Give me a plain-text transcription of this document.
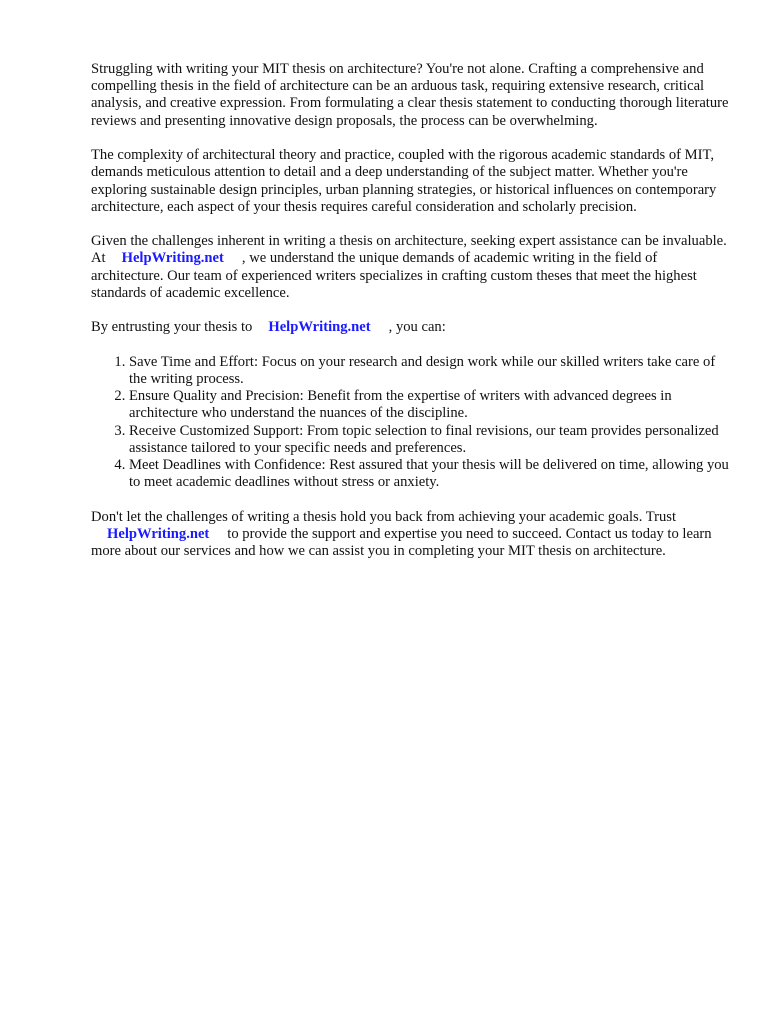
Struggling with writing your MIT thesis on architecture? You're not alone. Crafting a comprehensive and compelling thesis in the field of architecture can be an arduous task, requiring extensive research, critical analysis, and creative expression. From formulating a clear thesis statement to conducting thorough literature reviews and presenting innovative design proposals, the process can be overwhelming.

The complexity of architectural theory and practice, coupled with the rigorous academic standards of MIT, demands meticulous attention to detail and a deep understanding of the subject matter. Whether you're exploring sustainable design principles, urban planning strategies, or historical influences on contemporary architecture, each aspect of your thesis requires careful consideration and scholarly precision.

Given the challenges inherent in writing a thesis on architecture, seeking expert assistance can be invaluable. At HelpWriting.net , we understand the unique demands of academic writing in the field of architecture. Our team of experienced writers specializes in crafting custom theses that meet the highest standards of academic excellence.

By entrusting your thesis to HelpWriting.net , you can:

1. Save Time and Effort: Focus on your research and design work while our skilled writers take care of the writing process.
2. Ensure Quality and Precision: Benefit from the expertise of writers with advanced degrees in architecture who understand the nuances of the discipline.
3. Receive Customized Support: From topic selection to final revisions, our team provides personalized assistance tailored to your specific needs and preferences.
4. Meet Deadlines with Confidence: Rest assured that your thesis will be delivered on time, allowing you to meet academic deadlines without stress or anxiety.

Don't let the challenges of writing a thesis hold you back from achieving your academic goals. Trust HelpWriting.net to provide the support and expertise you need to succeed. Contact us today to learn more about our services and how we can assist you in completing your MIT thesis on architecture.
